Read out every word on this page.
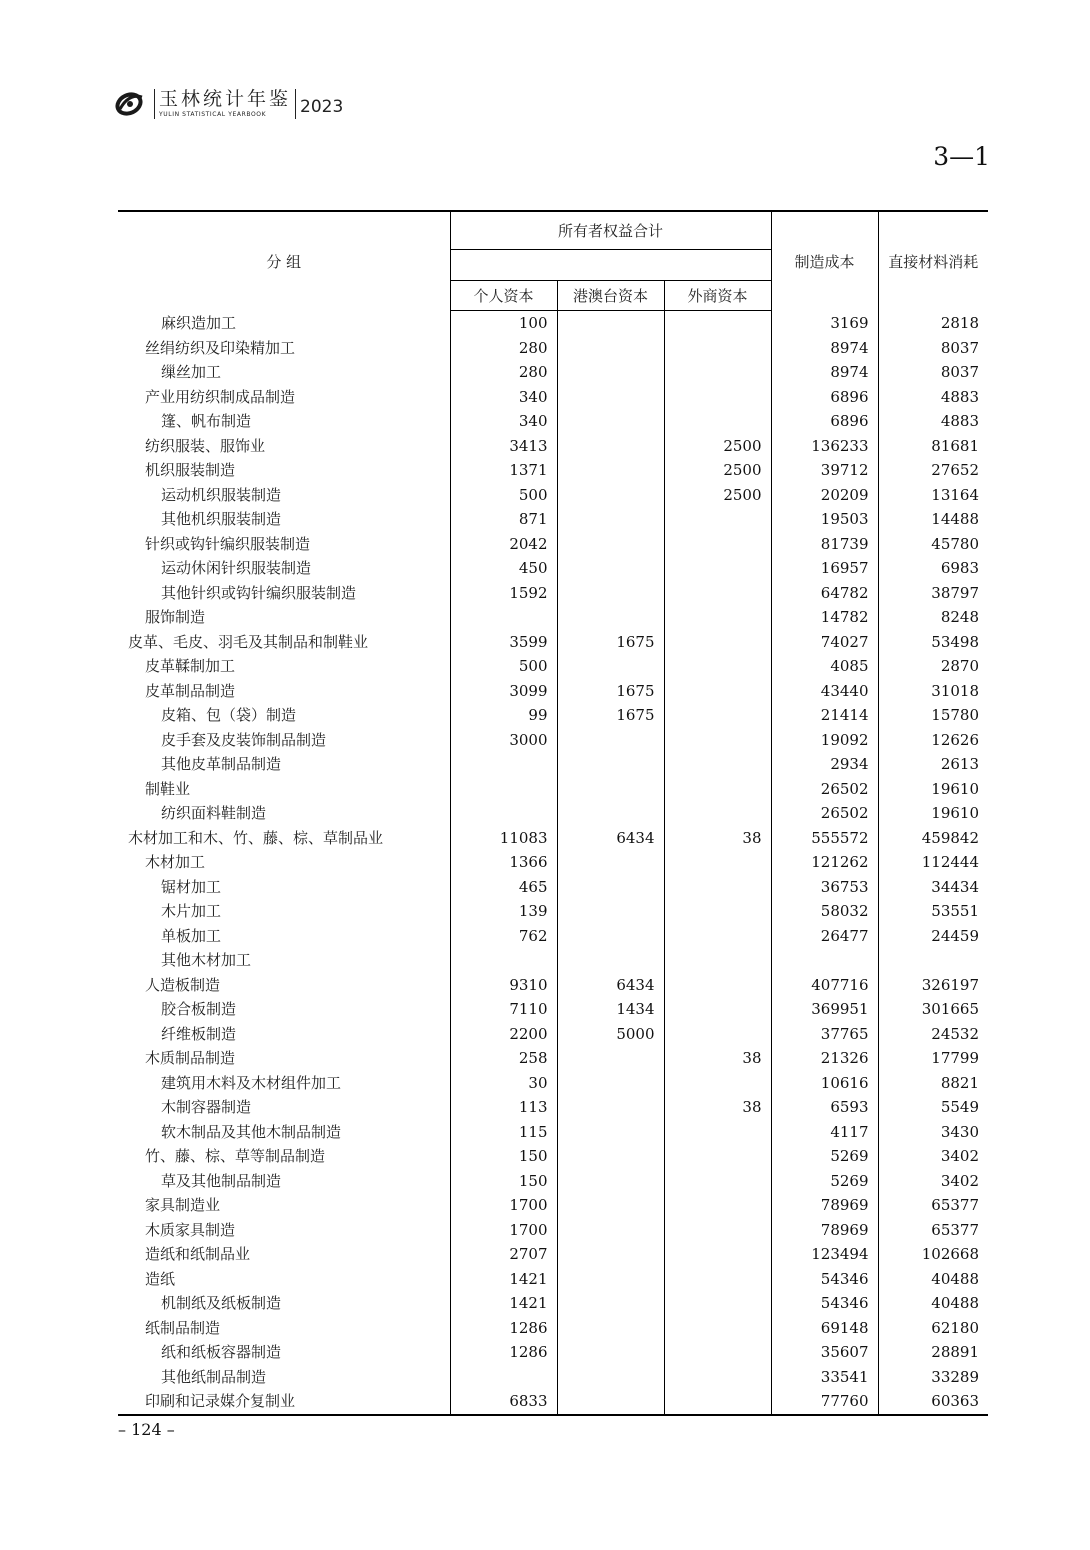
玉林统计年鉴
YULIN STATISTICAL YEARBOOK	2023
3—1
分 组	所有者权益合计			制造成本	直接材料消耗

	个人资本	港澳台资本	外商资本		
麻织造加工	100			3169	2818
丝绢纺织及印染精加工	280			8974	8037
缫丝加工	280			8974	8037
产业用纺织制成品制造	340			6896	4883
篷、帆布制造	340			6896	4883
纺织服装、服饰业	3413		2500	136233	81681
机织服装制造	1371		2500	39712	27652
运动机织服装制造	500		2500	20209	13164
其他机织服装制造	871			19503	14488
针织或钩针编织服装制造	2042			81739	45780
运动休闲针织服装制造	450			16957	6983
其他针织或钩针编织服装制造	1592			64782	38797
服饰制造				14782	8248
皮革、毛皮、羽毛及其制品和制鞋业	3599	1675		74027	53498
皮革鞣制加工	500			4085	2870
皮革制品制造	3099	1675		43440	31018
皮箱、包（袋）制造	99	1675		21414	15780
皮手套及皮装饰制品制造	3000			19092	12626
其他皮革制品制造				2934	2613
制鞋业				26502	19610
纺织面料鞋制造				26502	19610
木材加工和木、竹、藤、棕、草制品业	11083	6434	38	555572	459842
木材加工	1366			121262	112444
锯材加工	465			36753	34434
木片加工	139			58032	53551
单板加工	762			26477	24459
其他木材加工					
人造板制造	9310	6434		407716	326197
胶合板制造	7110	1434		369951	301665
纤维板制造	2200	5000		37765	24532
木质制品制造	258		38	21326	17799
建筑用木料及木材组件加工	30			10616	8821
木制容器制造	113		38	6593	5549
软木制品及其他木制品制造	115			4117	3430
竹、藤、棕、草等制品制造	150			5269	3402
草及其他制品制造	150			5269	3402
家具制造业	1700			78969	65377
木质家具制造	1700			78969	65377
造纸和纸制品业	2707			123494	102668
造纸	1421			54346	40488
机制纸及纸板制造	1421			54346	40488
纸制品制造	1286			69148	62180
纸和纸板容器制造	1286			35607	28891
其他纸制品制造				33541	33289
印刷和记录媒介复制业	6833			77760	60363
– 124 –
